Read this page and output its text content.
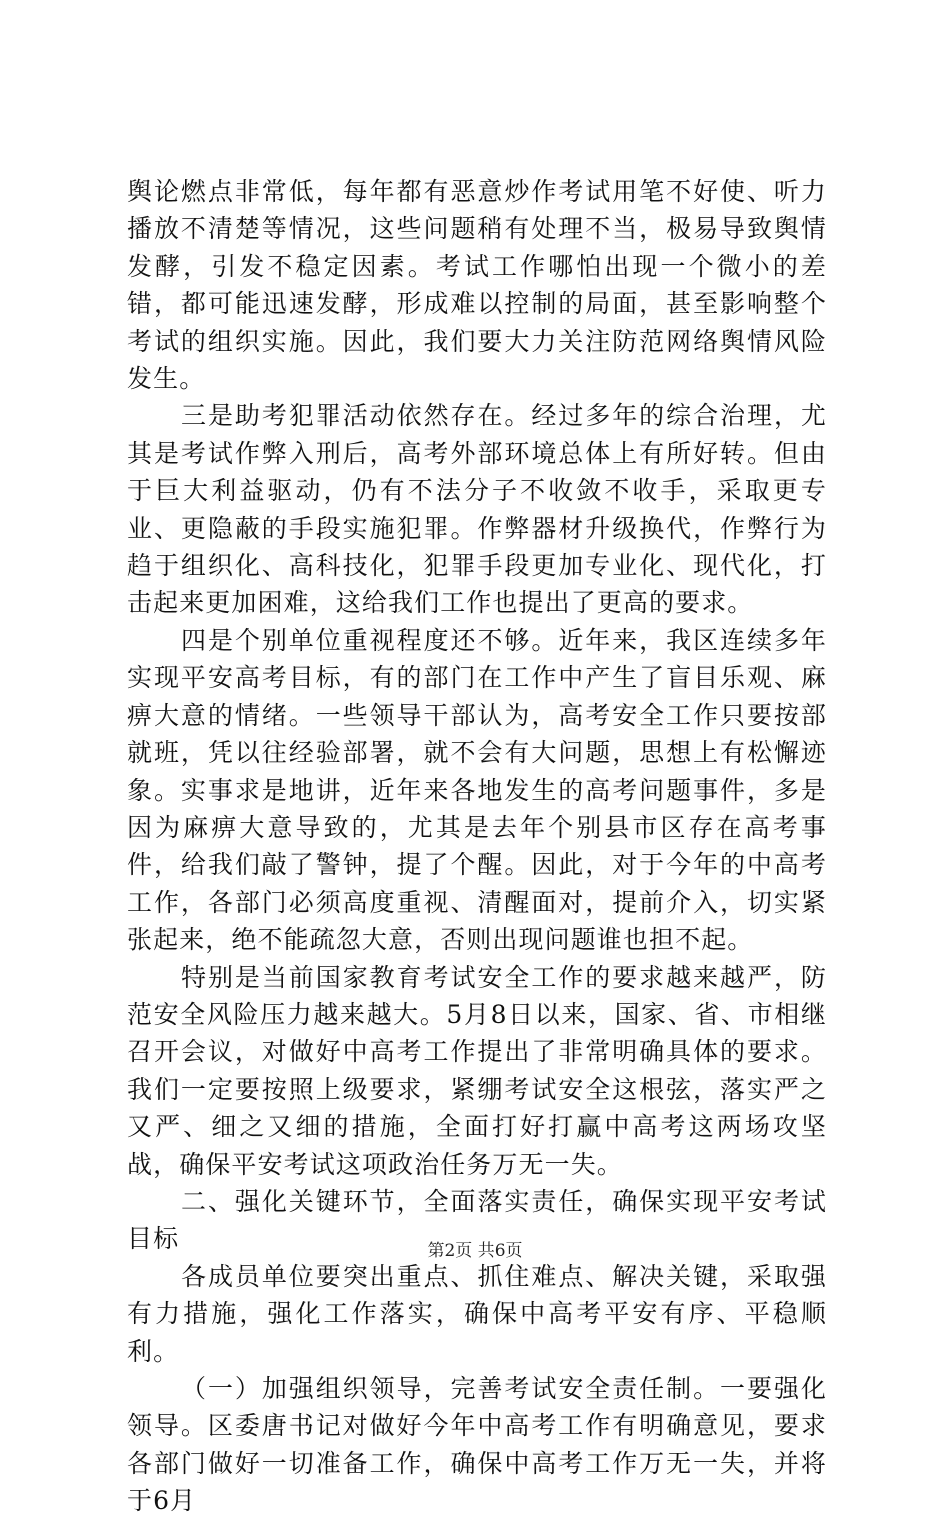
舆论燃点非常低，每年都有恶意炒作考试用笔不好使、听力播放不清楚等情况，这些问题稍有处理不当，极易导致舆情发酵，引发不稳定因素。考试工作哪怕出现一个微小的差错，都可能迅速发酵，形成难以控制的局面，甚至影响整个考试的组织实施。因此，我们要大力关注防范网络舆情风险发生。

三是助考犯罪活动依然存在。经过多年的综合治理，尤其是考试作弊入刑后，高考外部环境总体上有所好转。但由于巨大利益驱动，仍有不法分子不收敛不收手，采取更专业、更隐蔽的手段实施犯罪。作弊器材升级换代，作弊行为趋于组织化、高科技化，犯罪手段更加专业化、现代化，打击起来更加困难，这给我们工作也提出了更高的要求。

四是个别单位重视程度还不够。近年来，我区连续多年实现平安高考目标，有的部门在工作中产生了盲目乐观、麻痹大意的情绪。一些领导干部认为，高考安全工作只要按部就班，凭以往经验部署，就不会有大问题，思想上有松懈迹象。实事求是地讲，近年来各地发生的高考问题事件，多是因为麻痹大意导致的，尤其是去年个别县市区存在高考事件，给我们敲了警钟，提了个醒。因此，对于今年的中高考工作，各部门必须高度重视、清醒面对，提前介入，切实紧张起来，绝不能疏忽大意，否则出现问题谁也担不起。

特别是当前国家教育考试安全工作的要求越来越严，防范安全风险压力越来越大。5月8日以来，国家、省、市相继召开会议，对做好中高考工作提出了非常明确具体的要求。我们一定要按照上级要求，紧绷考试安全这根弦，落实严之又严、细之又细的措施，全面打好打赢中高考这两场攻坚战，确保平安考试这项政治任务万无一失。

二、强化关键环节，全面落实责任，确保实现平安考试目标

各成员单位要突出重点、抓住难点、解决关键，采取强有力措施，强化工作落实，确保中高考平安有序、平稳顺利。

（一）加强组织领导，完善考试安全责任制。一要强化领导。区委唐书记对做好今年中高考工作有明确意见，要求各部门做好一切准备工作，确保中高考工作万无一失，并将于6月

第2页 共6页
